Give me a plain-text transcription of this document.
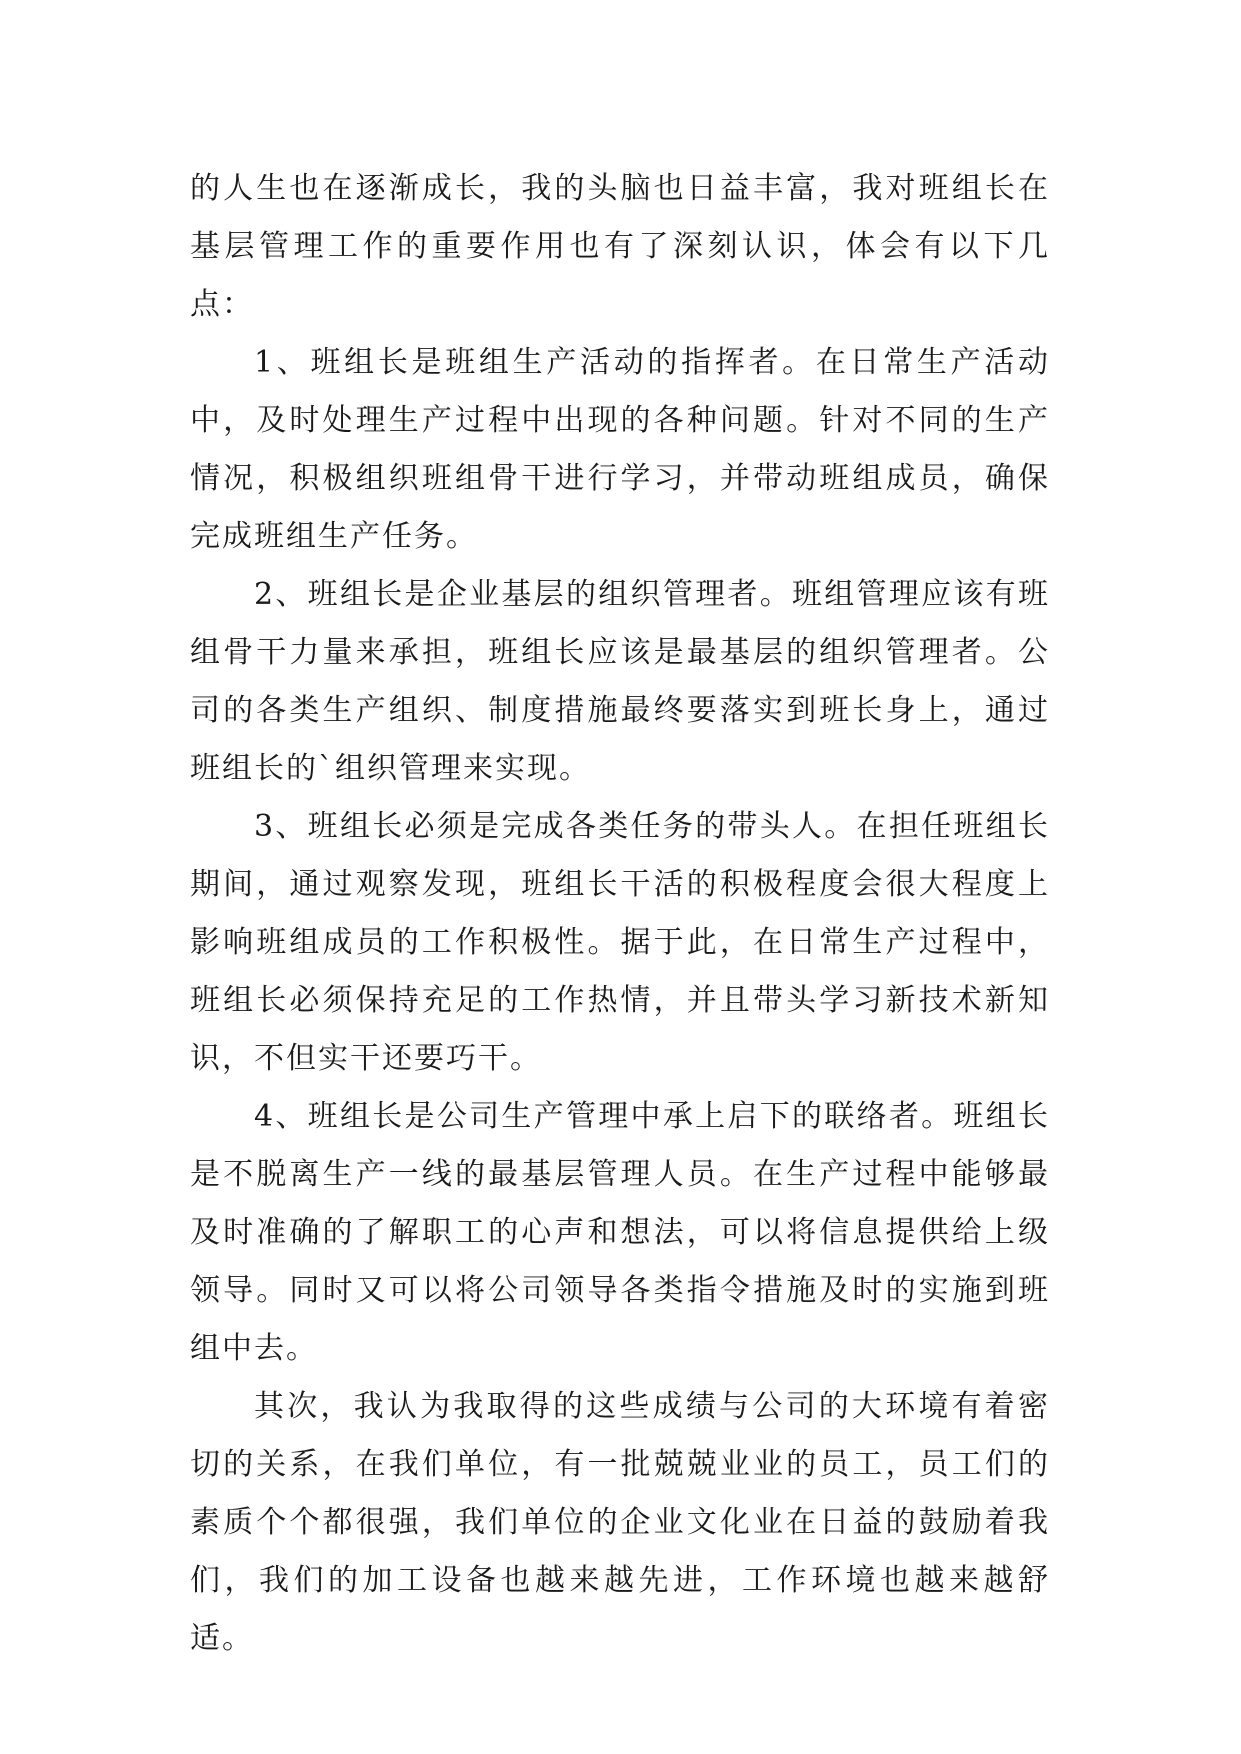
的人生也在逐渐成长，我的头脑也日益丰富，我对班组长在基层管理工作的重要作用也有了深刻认识，体会有以下几点：

1、班组长是班组生产活动的指挥者。在日常生产活动中，及时处理生产过程中出现的各种问题。针对不同的生产情况，积极组织班组骨干进行学习，并带动班组成员，确保完成班组生产任务。

2、班组长是企业基层的组织管理者。班组管理应该有班组骨干力量来承担，班组长应该是最基层的组织管理者。公司的各类生产组织、制度措施最终要落实到班长身上，通过班组长的`组织管理来实现。

3、班组长必须是完成各类任务的带头人。在担任班组长期间，通过观察发现，班组长干活的积极程度会很大程度上影响班组成员的工作积极性。据于此，在日常生产过程中，班组长必须保持充足的工作热情，并且带头学习新技术新知识，不但实干还要巧干。

4、班组长是公司生产管理中承上启下的联络者。班组长是不脱离生产一线的最基层管理人员。在生产过程中能够最及时准确的了解职工的心声和想法，可以将信息提供给上级领导。同时又可以将公司领导各类指令措施及时的实施到班组中去。

其次，我认为我取得的这些成绩与公司的大环境有着密切的关系，在我们单位，有一批兢兢业业的员工，员工们的素质个个都很强，我们单位的企业文化业在日益的鼓励着我们，我们的加工设备也越来越先进，工作环境也越来越舒适。
